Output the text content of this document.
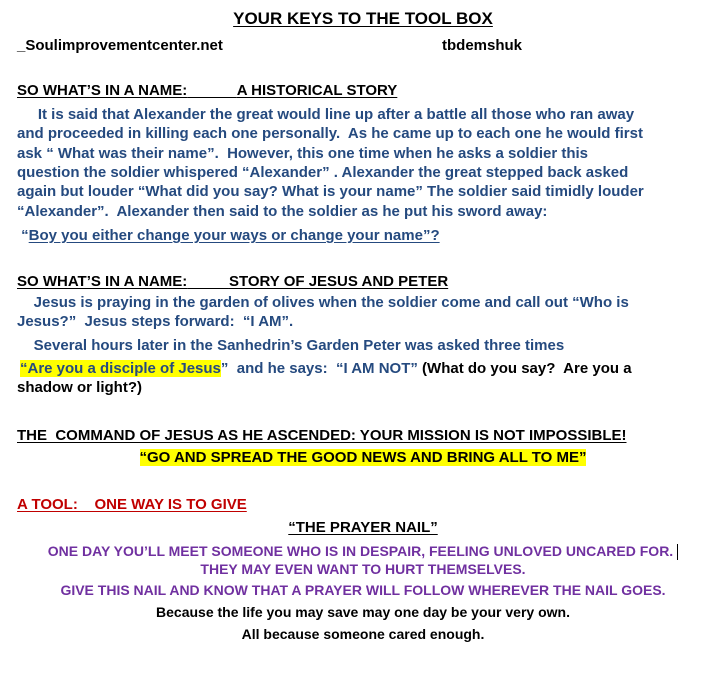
YOUR KEYS TO THE TOOL BOX
_Soulimprovementcenter.net	tbdemshuk
SO WHAT’S IN A NAME:	A HISTORICAL STORY
It is said that Alexander the great would line up after a battle all those who ran away
and proceeded in killing each one personally.  As he came up to each one he would first
ask “ What was their name”.  However, this one time when he asks a soldier this
question the soldier whispered “Alexander” . Alexander the great stepped back asked
again but louder “What did you say? What is your name” The soldier said timidly louder
“Alexander”.  Alexander then said to the soldier as he put his sword away:
“Boy you either change your ways or change your name”?
SO WHAT’S IN A NAME:	STORY OF JESUS AND PETER
Jesus is praying in the garden of olives when the soldier come and call out “Who is
Jesus?”  Jesus steps forward:  “I AM”.
Several hours later in the Sanhedrin’s Garden Peter was asked three times
“Are you a disciple of Jesus”  and he says:  “I AM NOT” (What do you say?  Are you a
shadow or light?)
THE  COMMAND OF JESUS AS HE ASCENDED: YOUR MISSION IS NOT IMPOSSIBLE!
“GO AND SPREAD THE GOOD NEWS AND BRING ALL TO ME”
A TOOL:    ONE WAY IS TO GIVE
“THE PRAYER NAIL”
ONE DAY YOU’LL MEET SOMEONE WHO IS IN DESPAIR, FEELING UNLOVED UNCARED FOR.
THEY MAY EVEN WANT TO HURT THEMSELVES.
GIVE THIS NAIL AND KNOW THAT A PRAYER WILL FOLLOW WHEREVER THE NAIL GOES.
Because the life you may save may one day be your very own.
All because someone cared enough.
